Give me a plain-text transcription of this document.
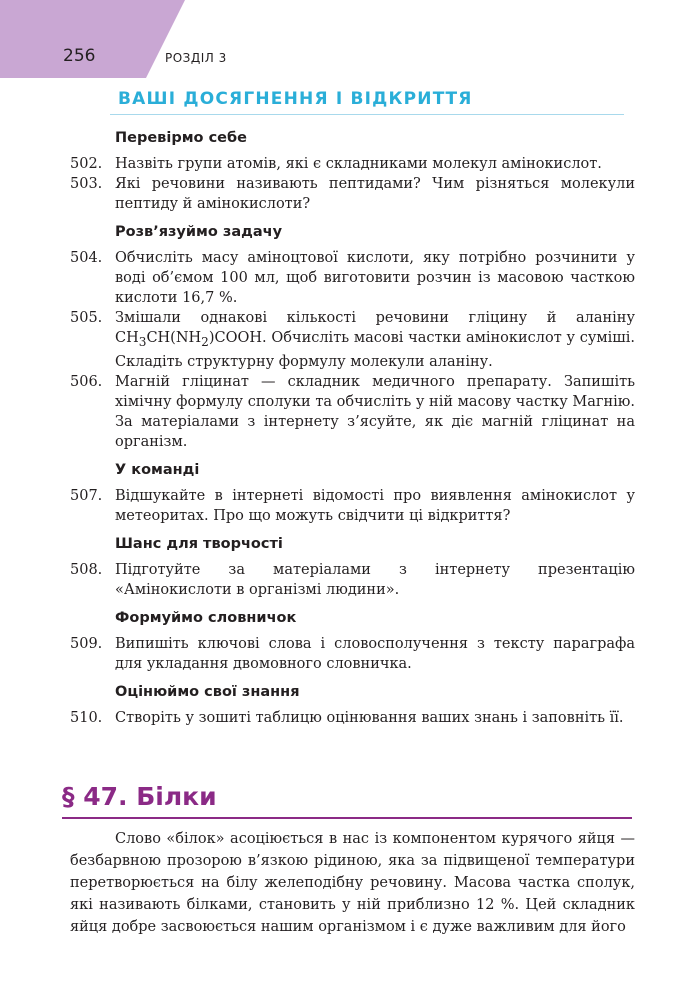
256	РОЗДІЛ 3
ВАШІ ДОСЯГНЕННЯ І ВІДКРИТТЯ
Перевірмо себе
502. Назвіть групи атомів, які є складниками молекул амінокислот.
503. Які речовини називають пептидами? Чим різняться молекули пептиду й амінокислоти?
Розв’язуймо задачу
504. Обчисліть масу аміноцтової кислоти, яку потрібно розчинити у воді об’ємом 100 мл, щоб виготовити розчин із масовою часткою кислоти 16,7 %.
505. Змішали однакові кількості речовини гліцину й аланіну $CH_3CH(NH_2)COOH$. Обчисліть масові частки амінокислот у суміші. Складіть структурну формулу молекули аланіну.
506. Магній гліцинат — складник медичного препарату. Запишіть хімічну формулу сполуки та обчисліть у ній масову частку Магнію. За матеріалами з інтернету з’ясуйте, як діє магній гліцинат на організм.
У команді
507. Відшукайте в інтернеті відомості про виявлення амінокислот у метеоритах. Про що можуть свідчити ці відкриття?
Шанс для творчості
508. Підготуйте за матеріалами з інтернету презентацію «Амінокислоти в організмі людини».
Формуймо словничок
509. Випишіть ключові слова і словосполучення з тексту параграфа для укладання двомовного словничка.
Оцінюймо свої знання
510. Створіть у зошиті таблицю оцінювання ваших знань і заповніть її.
§ 47. Білки
Слово «білок» асоціюється в нас із компонентом курячого яйця — безбарвною прозорою в’язкою рідиною, яка за підвищеної температури перетворюється на білу желеподібну речовину. Масова частка сполук, які називають білками, становить у ній приблизно 12 %. Цей складник яйця добре засвоюється нашим організмом і є дуже важливим для його
